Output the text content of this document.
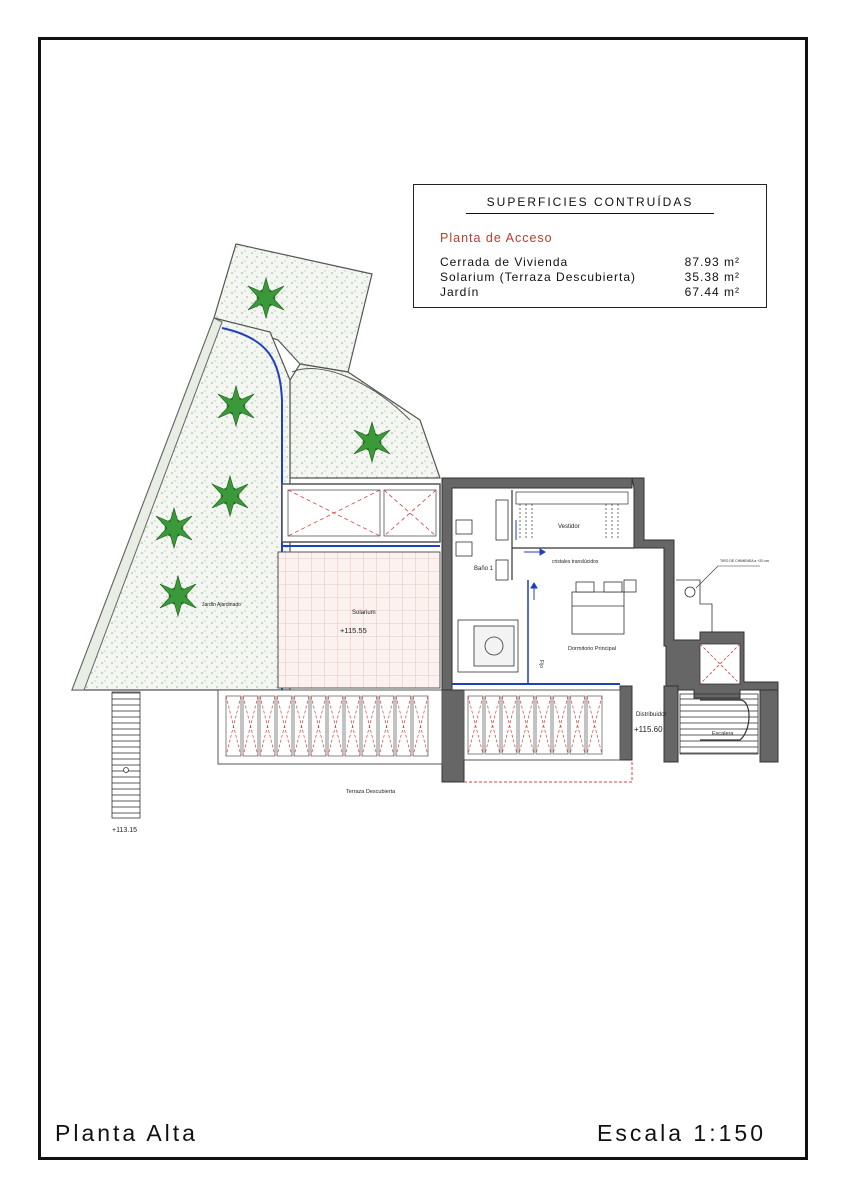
Jardín Ajardinado
Solarium
+115.55
Baño 1
Vestidor
cristales translúcidos
Dormitorio Principal
Fijo
Distribuidor
+115.60	Escalera
Terraza Descubierta
+113.15
TIRO DE CHIMENEA a +20 cm
SUPERFICIES CONTRUÍDAS
Planta de Acceso
Cerrada de Vivienda	87.93 m²
Solarium (Terraza Descubierta)	35.38 m²
Jardín	67.44 m²
Planta Alta	Escala 1:150
